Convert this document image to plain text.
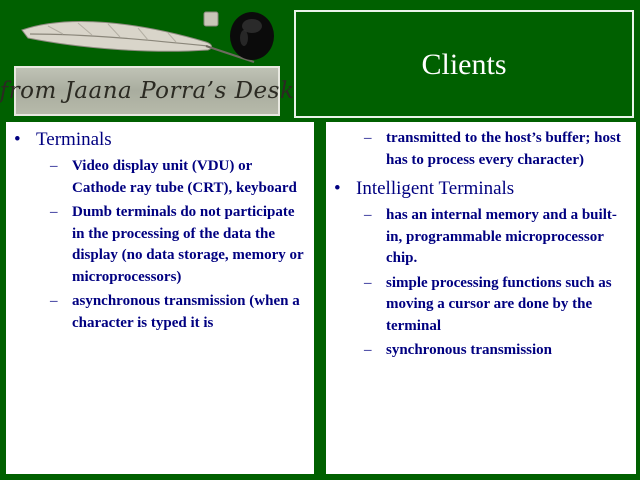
from Jaana Porra’s Desk
Clients
• Terminals
– Video display unit (VDU) or Cathode ray tube (CRT), keyboard
– Dumb terminals do not participate in the processing of the data the display (no data storage, memory or microprocessors)
– asynchronous transmission (when a character is typed it is
– transmitted to the host’s buffer; host has to process every character)
• Intelligent Terminals
– has an internal memory and a built-in, programmable microprocessor chip.
– simple processing functions such as moving a cursor are done by the terminal
– synchronous transmission
